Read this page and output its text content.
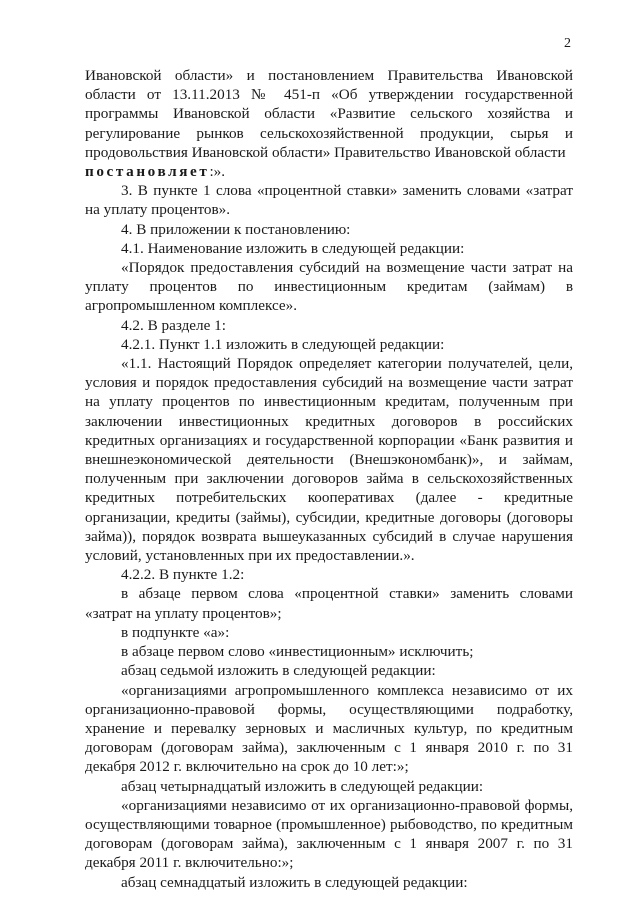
2

Ивановской области» и постановлением Правительства Ивановской области от 13.11.2013 № 451-п «Об утверждении государственной программы Ивановской области «Развитие сельского хозяйства и регулирование рынков сельскохозяйственной продукции, сырья и продовольствия Ивановской области» Правительство Ивановской области
постановляет:».

3. В пункте 1 слова «процентной ставки» заменить словами «затрат на уплату процентов».

4. В приложении к постановлению:

4.1. Наименование изложить в следующей редакции:

«Порядок предоставления субсидий на возмещение части затрат на уплату процентов по инвестиционным кредитам (займам) в агропромышленном комплексе».

4.2. В разделе 1:

4.2.1. Пункт 1.1 изложить в следующей редакции:

«1.1. Настоящий Порядок определяет категории получателей, цели, условия и порядок предоставления субсидий на возмещение части затрат на уплату процентов по инвестиционным кредитам, полученным при заключении инвестиционных кредитных договоров в российских кредитных организациях и государственной корпорации «Банк развития и внешнеэкономической деятельности (Внешэкономбанк)», и займам, полученным при заключении договоров займа в сельскохозяйственных кредитных потребительских кооперативах (далее - кредитные организации, кредиты (займы), субсидии, кредитные договоры (договоры займа)), порядок возврата вышеуказанных субсидий в случае нарушения условий, установленных при их предоставлении.».

4.2.2. В пункте 1.2:

в абзаце первом слова «процентной ставки» заменить словами «затрат на уплату процентов»;

в подпункте «а»:

в абзаце первом слово «инвестиционным» исключить;

абзац седьмой изложить в следующей редакции:

«организациями агропромышленного комплекса независимо от их организационно-правовой формы, осуществляющими подработку, хранение и перевалку зерновых и масличных культур, по кредитным договорам (договорам займа), заключенным с 1 января 2010 г. по 31 декабря 2012 г. включительно на срок до 10 лет:»;

абзац четырнадцатый изложить в следующей редакции:

«организациями независимо от их организационно-правовой формы, осуществляющими товарное (промышленное) рыбоводство, по кредитным договорам (договорам займа), заключенным с 1 января 2007 г. по 31 декабря 2011 г. включительно:»;

абзац семнадцатый изложить в следующей редакции:
